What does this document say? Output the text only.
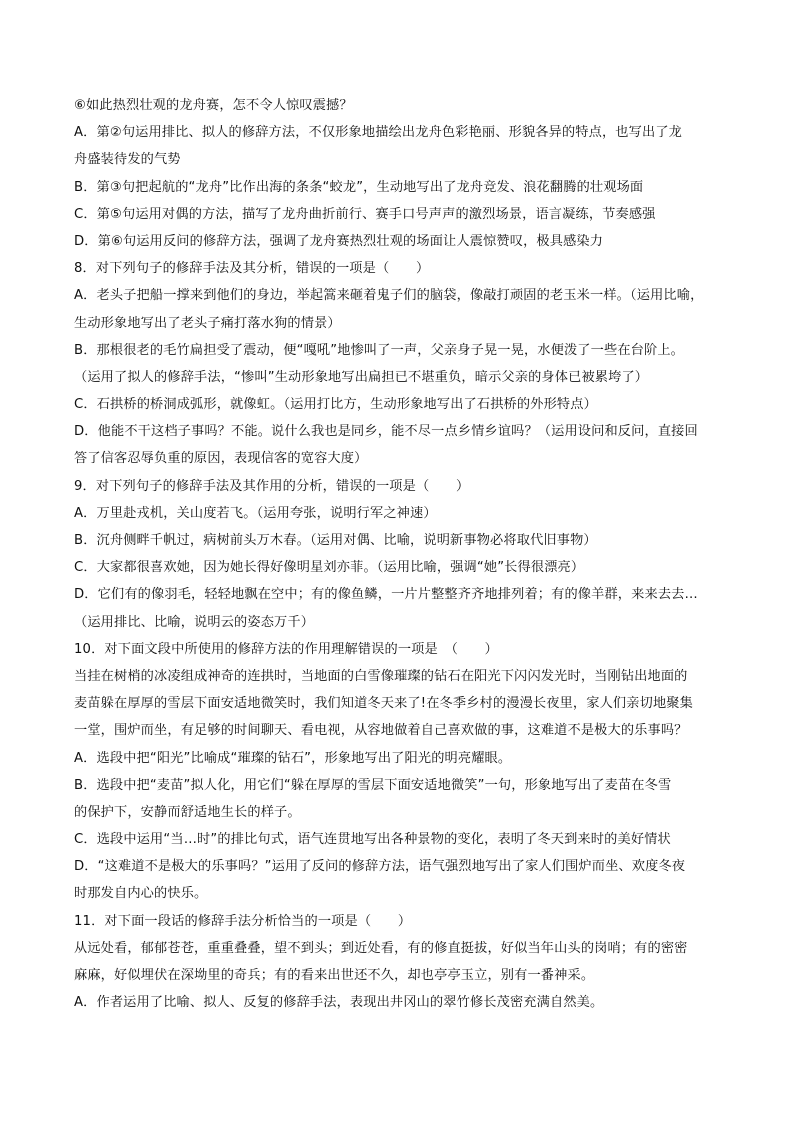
⑥如此热烈壮观的龙舟赛，怎不令人惊叹震撼？
A．第②句运用排比、拟人的修辞方法，不仅形象地描绘出龙舟色彩艳丽、形貌各异的特点，也写出了龙
舟盛装待发的气势
B．第③句把起航的“龙舟”比作出海的条条“蛟龙”，生动地写出了龙舟竞发、浪花翻腾的壮观场面
C．第⑤句运用对偶的方法，描写了龙舟曲折前行、赛手口号声声的激烈场景，语言凝练，节奏感强
D．第⑥句运用反问的修辞方法，强调了龙舟赛热烈壮观的场面让人震惊赞叹，极具感染力
8．对下列句子的修辞手法及其分析，错误的一项是（　　）
A．老头子把船一撑来到他们的身边，举起篙来砸着鬼子们的脑袋，像敲打顽固的老玉米一样。（运用比喻，
生动形象地写出了老头子痛打落水狗的情景）
B．那根很老的毛竹扁担受了震动，便“嘎吼”地惨叫了一声，父亲身子晃一晃，水便泼了一些在台阶上。
（运用了拟人的修辞手法，“惨叫”生动形象地写出扁担已不堪重负，暗示父亲的身体已被累垮了）
C．石拱桥的桥洞成弧形，就像虹。（运用打比方，生动形象地写出了石拱桥的外形特点）
D．他能不干这档子事吗？不能。说什么我也是同乡，能不尽一点乡情乡谊吗？（运用设问和反问，直接回
答了信客忍辱负重的原因，表现信客的宽容大度）
9．对下列句子的修辞手法及其作用的分析，错误的一项是（　　）
A．万里赴戎机，关山度若飞。（运用夸张，说明行军之神速）
B．沉舟侧畔千帆过，病树前头万木春。（运用对偶、比喻，说明新事物必将取代旧事物）
C．大家都很喜欢她，因为她长得好像明星刘亦菲。（运用比喻，强调“她”长得很漂亮）
D．它们有的像羽毛，轻轻地飘在空中；有的像鱼鳞，一片片整整齐齐地排列着；有的像羊群，来来去去…
（运用排比、比喻，说明云的姿态万千）
10．对下面文段中所使用的修辞方法的作用理解错误的一项是　（　　）
当挂在树梢的冰凌组成神奇的连拱时，当地面的白雪像璀璨的钻石在阳光下闪闪发光时，当刚钻出地面的
麦苗躲在厚厚的雪层下面安适地微笑时，我们知道冬天来了!在冬季乡村的漫漫长夜里，家人们亲切地聚集
一堂，围炉而坐，有足够的时间聊天、看电视，从容地做着自己喜欢做的事，这难道不是极大的乐事吗？
A．选段中把“阳光”比喻成“璀璨的钻石”，形象地写出了阳光的明亮耀眼。
B．选段中把“麦苗”拟人化，用它们“躲在厚厚的雪层下面安适地微笑”一句，形象地写出了麦苗在冬雪
的保护下，安静而舒适地生长的样子。
C．选段中运用“当…时”的排比句式，语气连贯地写出各种景物的变化，表明了冬天到来时的美好情状
D．“这难道不是极大的乐事吗？”运用了反问的修辞方法，语气强烈地写出了家人们围炉而坐、欢度冬夜
时那发自内心的快乐。
11．对下面一段话的修辞手法分析恰当的一项是（　　）
从远处看，郁郁苍苍，重重叠叠，望不到头；到近处看，有的修直挺拔，好似当年山头的岗哨；有的密密
麻麻，好似埋伏在深坳里的奇兵；有的看来出世还不久，却也亭亭玉立，别有一番神采。
A．作者运用了比喻、拟人、反复的修辞手法，表现出井冈山的翠竹修长茂密充满自然美。
